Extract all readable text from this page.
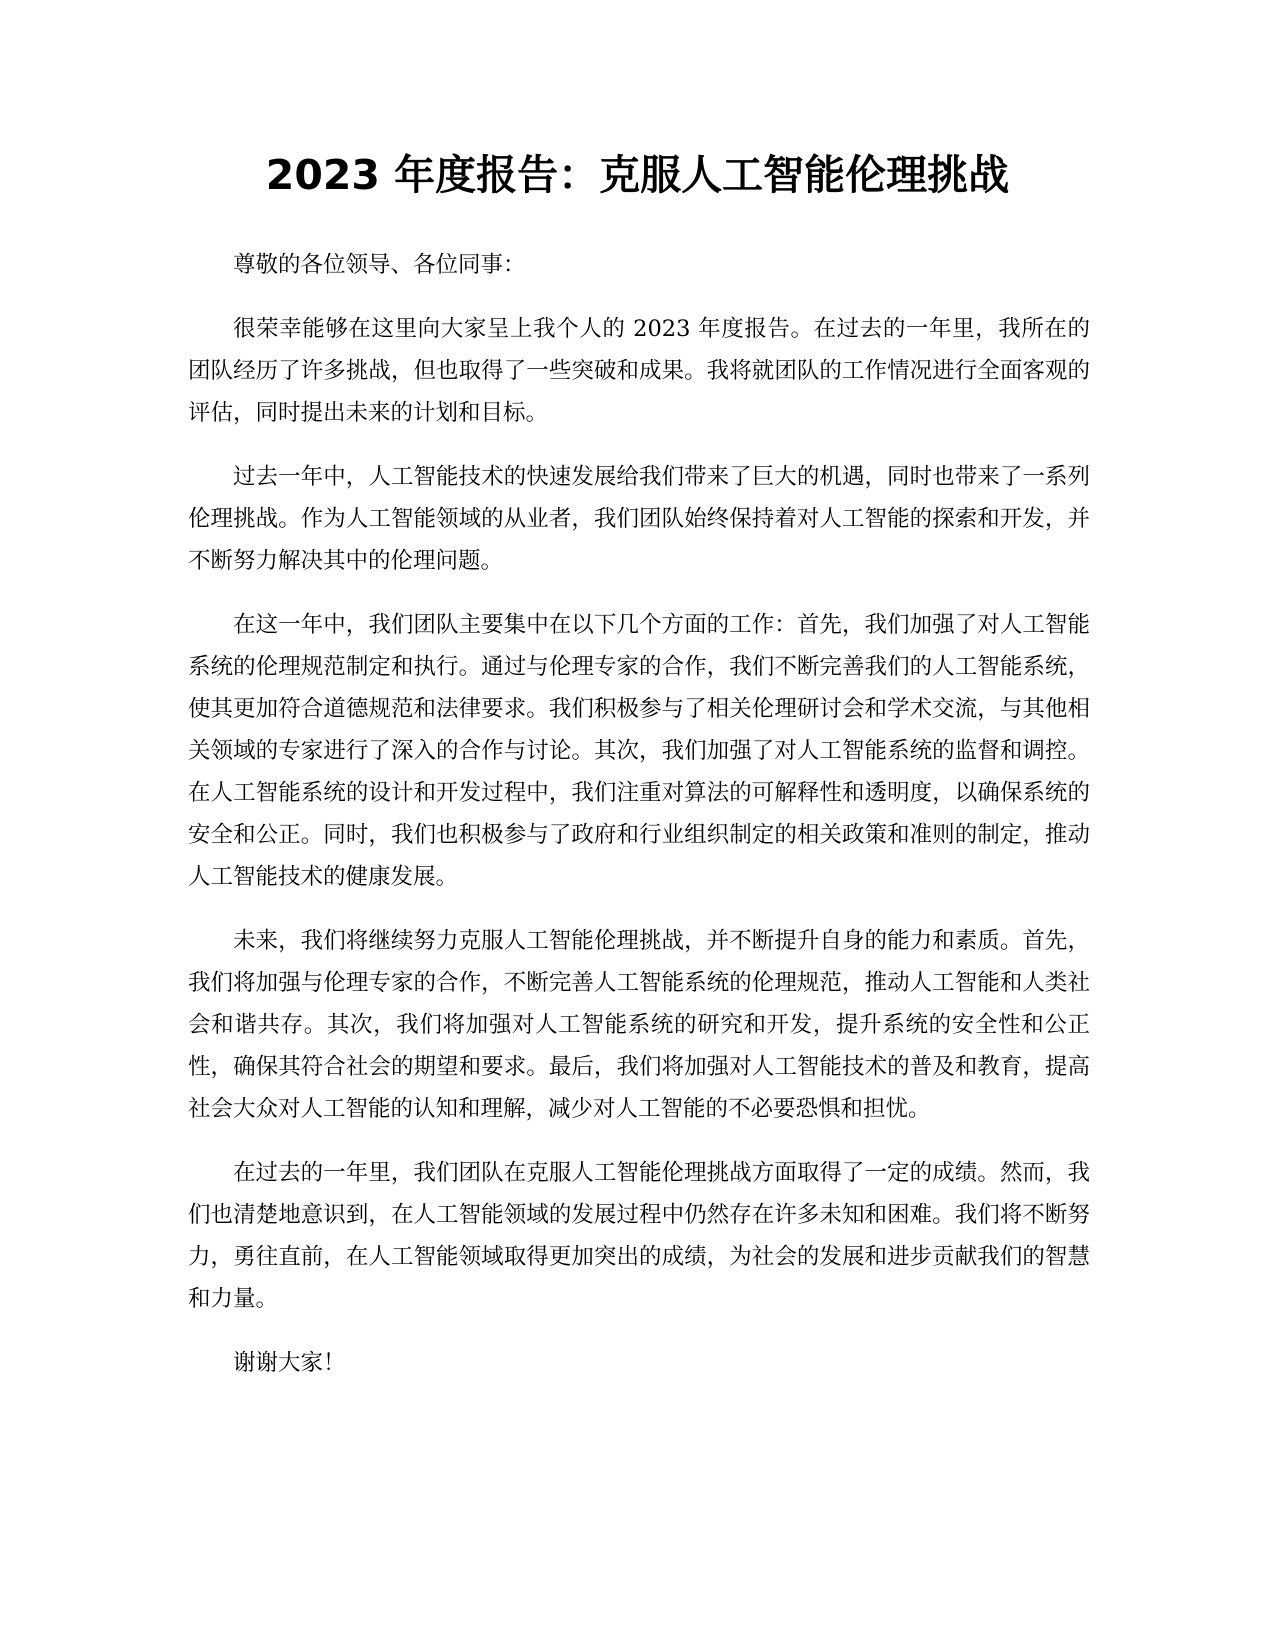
2023 年度报告：克服人工智能伦理挑战

尊敬的各位领导、各位同事：

很荣幸能够在这里向大家呈上我个人的 2023 年度报告。在过去的一年里，我所在的团队经历了许多挑战，但也取得了一些突破和成果。我将就团队的工作情况进行全面客观的评估，同时提出未来的计划和目标。

过去一年中，人工智能技术的快速发展给我们带来了巨大的机遇，同时也带来了一系列伦理挑战。作为人工智能领域的从业者，我们团队始终保持着对人工智能的探索和开发，并不断努力解决其中的伦理问题。

在这一年中，我们团队主要集中在以下几个方面的工作：首先，我们加强了对人工智能系统的伦理规范制定和执行。通过与伦理专家的合作，我们不断完善我们的人工智能系统，使其更加符合道德规范和法律要求。我们积极参与了相关伦理研讨会和学术交流，与其他相关领域的专家进行了深入的合作与讨论。其次，我们加强了对人工智能系统的监督和调控。在人工智能系统的设计和开发过程中，我们注重对算法的可解释性和透明度，以确保系统的安全和公正。同时，我们也积极参与了政府和行业组织制定的相关政策和准则的制定，推动人工智能技术的健康发展。

未来，我们将继续努力克服人工智能伦理挑战，并不断提升自身的能力和素质。首先，我们将加强与伦理专家的合作，不断完善人工智能系统的伦理规范，推动人工智能和人类社会和谐共存。其次，我们将加强对人工智能系统的研究和开发，提升系统的安全性和公正性，确保其符合社会的期望和要求。最后，我们将加强对人工智能技术的普及和教育，提高社会大众对人工智能的认知和理解，减少对人工智能的不必要恐惧和担忧。

在过去的一年里，我们团队在克服人工智能伦理挑战方面取得了一定的成绩。然而，我们也清楚地意识到，在人工智能领域的发展过程中仍然存在许多未知和困难。我们将不断努力，勇往直前，在人工智能领域取得更加突出的成绩，为社会的发展和进步贡献我们的智慧和力量。

谢谢大家！
